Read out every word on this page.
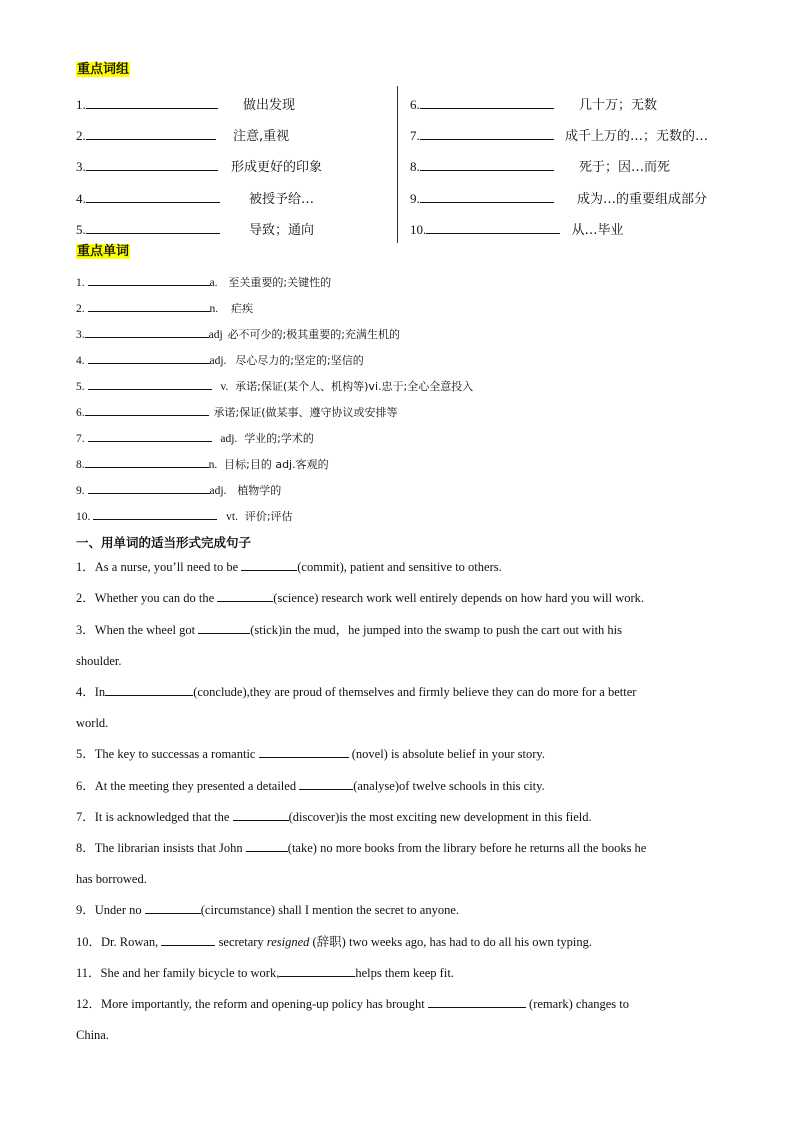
重点词组
1.	做出发现
2.	注意,重视
3.	形成更好的印象
4.	被授予给…
5.	导致；通向
6.	几十万；无数
7.	成千上万的…；无数的…
8.	死于；因…而死
9.	成为…的重要组成部分
10.	从…毕业
重点单词
1.	a. 至关重要的;关键性的
2.	n. 疟疾
3.	adj 必不可少的;极其重要的;充满生机的
4.	adj. 尽心尽力的;坚定的;坚信的
5.	v. 承诺;保证(某个人、机构等)vi.忠于;全心全意投入
6.	承诺;保证(做某事、遵守协议或安排等
7.	adj. 学业的;学术的
8.	n. 目标;目的 adj.客观的
9.	adj. 植物学的
10.	vt. 评价;评估
一、用单词的适当形式完成句子
1．As a nurse, you’ll need to be	(commit), patient and sensitive to others.
2．Whether you can do the	(science) research work well entirely depends on how hard you will work.
3．When the wheel got	(stick)in the mud，he jumped into the swamp to push the cart out with his
shoulder.
4．In	(conclude),they are proud of themselves and firmly believe they can do more for a better
world.
5．The key to successas a romantic	(novel) is absolute belief in your story.
6．At the meeting they presented a detailed	(analyse)of twelve schools in this city.
7．It is acknowledged that the	(discover)is the most exciting new development in this field.
8．The librarian insists that John	(take) no more books from the library before he returns all the books he
has borrowed.
9．Under no	(circumstance) shall I mention the secret to anyone.
10．Dr. Rowan,	secretary resigned (辞职) two weeks ago, has had to do all his own typing.
11．She and her family bicycle to work,	helps them keep fit.
12．More importantly, the reform and opening-up policy has brought	(remark) changes to
China.
